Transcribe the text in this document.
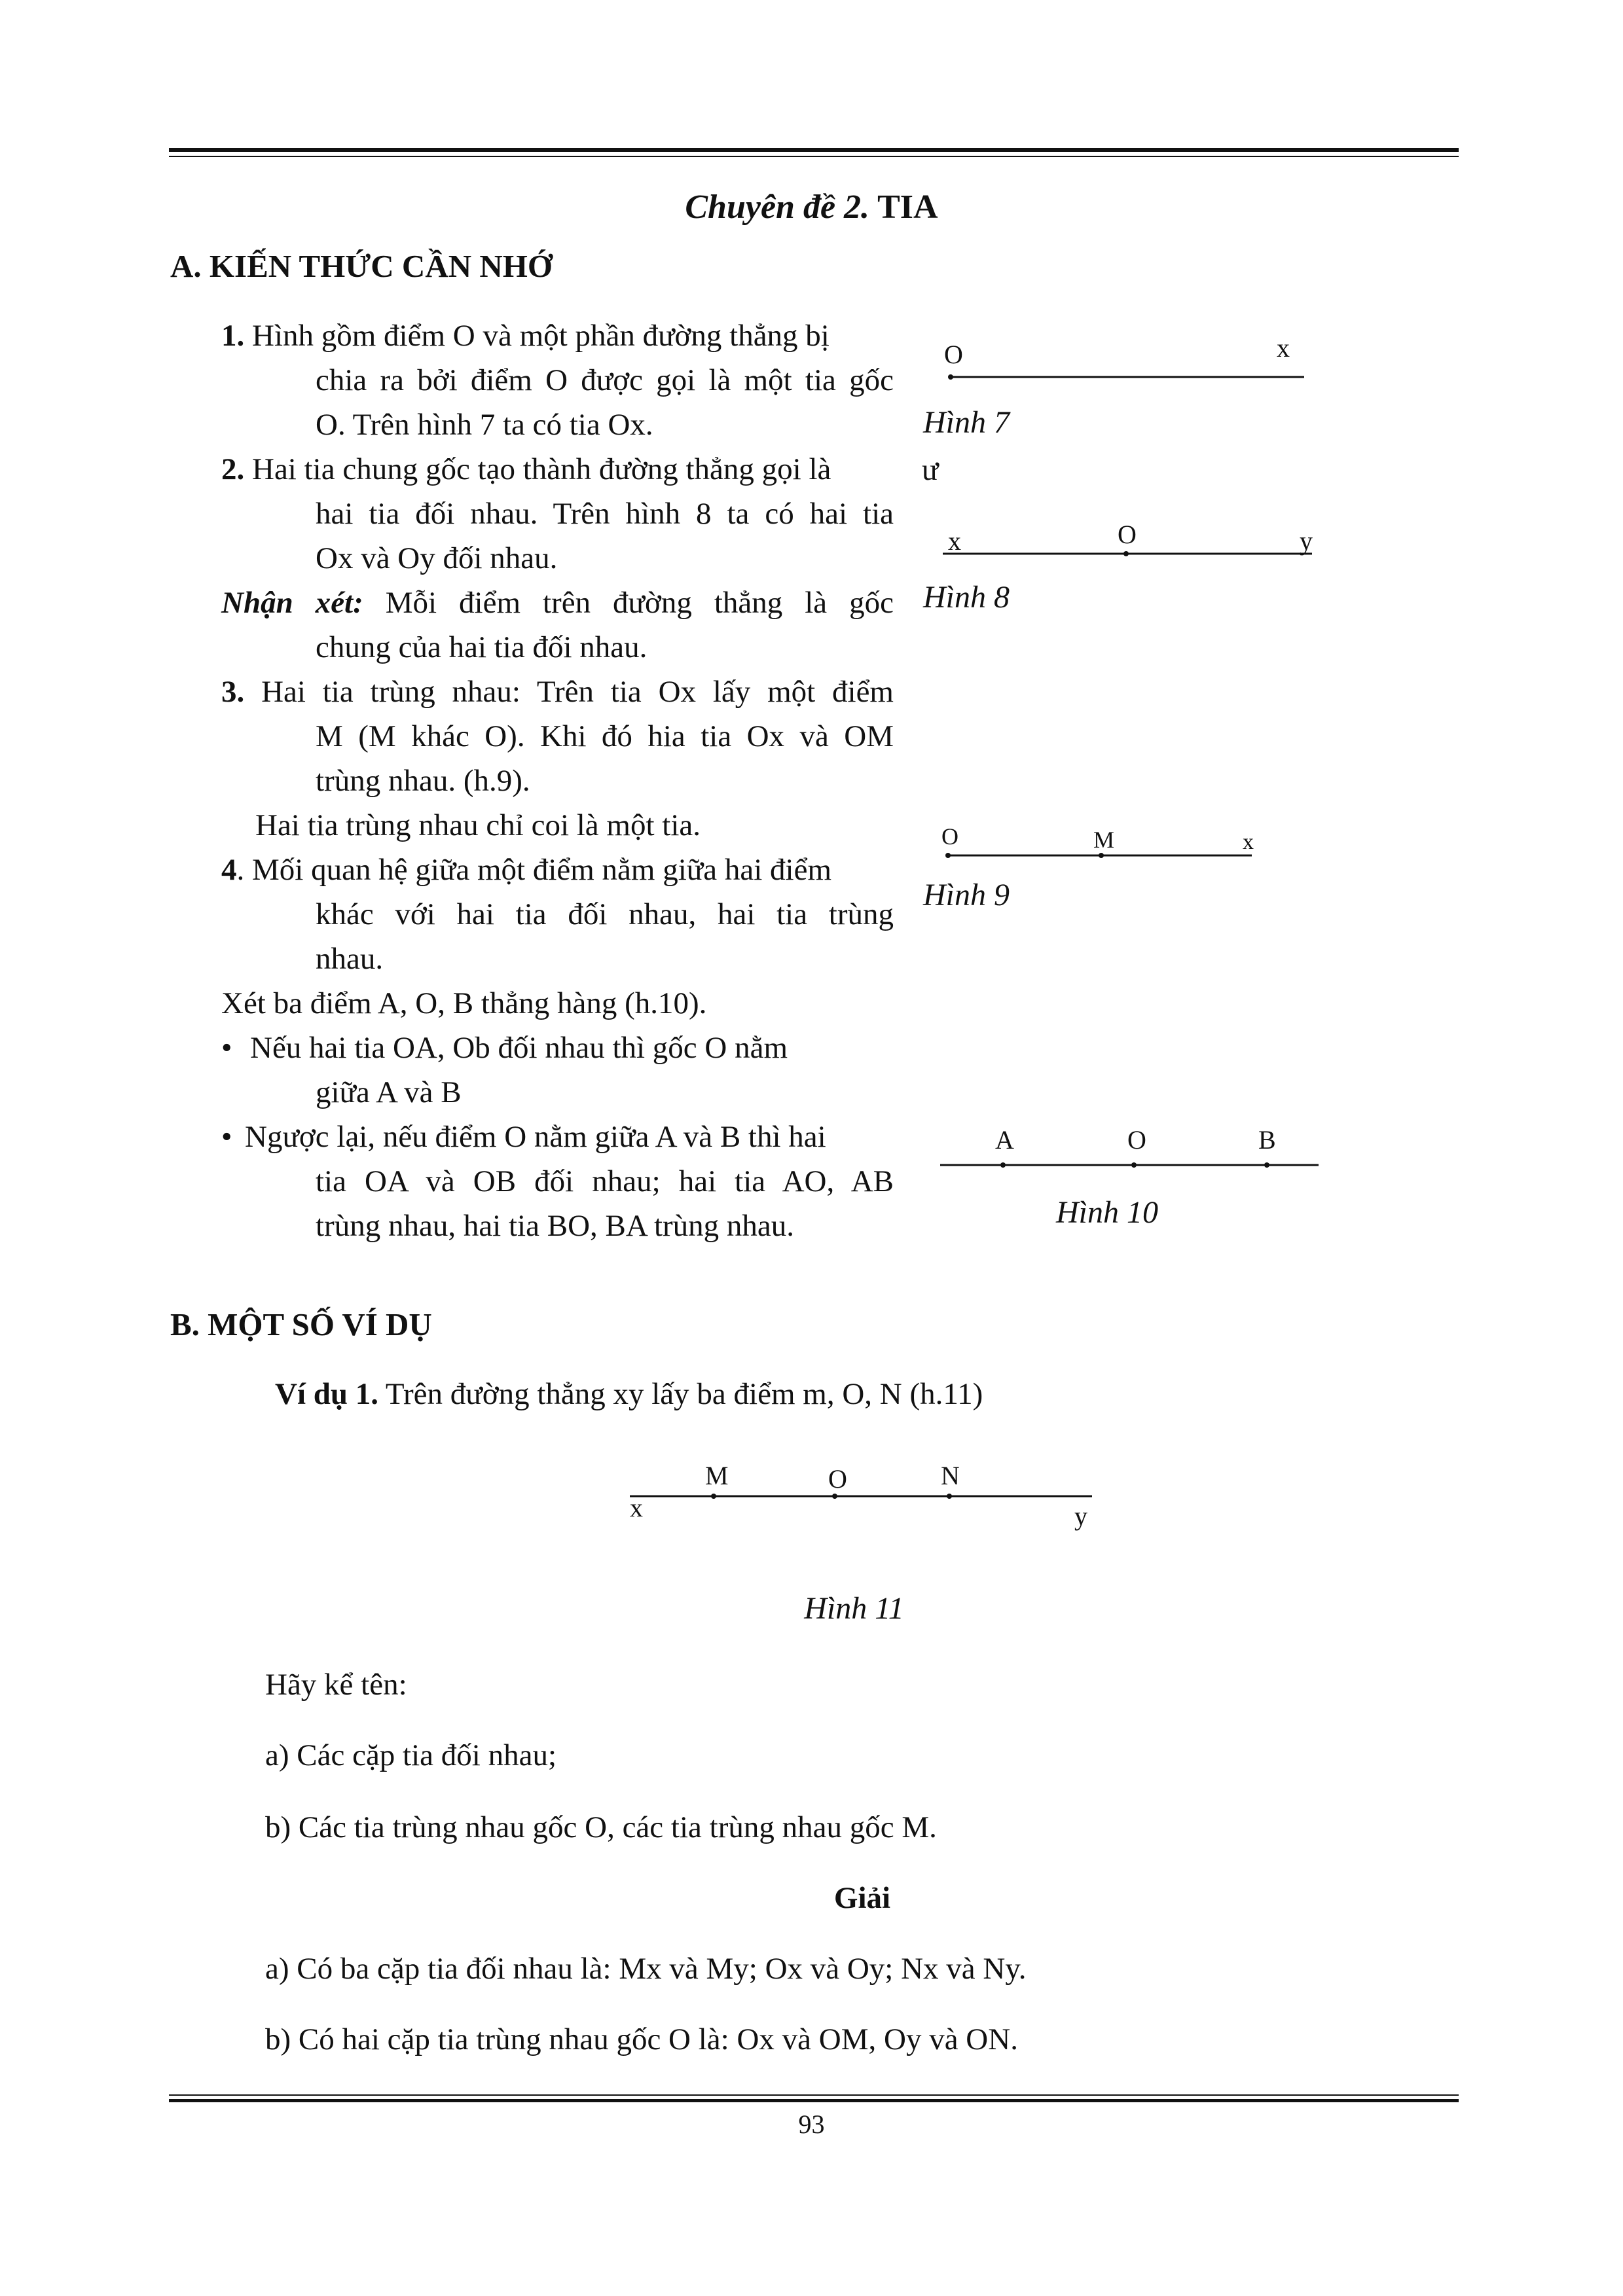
Chuyên đề 2. TIA
A. KIẾN THỨC CẦN NHỚ
1. Hình gồm điểm O và một phần đường thẳng bị
chia ra bởi điểm O được gọi là một tia gốc
O. Trên hình 7 ta có tia Ox.
2. Hai tia chung gốc tạo thành đường thẳng gọi là
hai tia đối nhau. Trên hình 8 ta có hai tia
Ox và Oy đối nhau.
Nhận xét: Mỗi điểm trên đường thẳng là gốc
chung của hai tia đối nhau.
3. Hai tia trùng nhau: Trên tia Ox lấy một điểm
M (M khác O). Khi đó hia tia Ox và OM
trùng nhau. (h.9).
Hai tia trùng nhau chỉ coi là một tia.
4. Mối quan hệ giữa một điểm nằm giữa hai điểm
khác với hai tia đối nhau, hai tia trùng
nhau.
Xét ba điểm A, O, B thẳng hàng (h.10).
• Nếu hai tia OA, Ob đối nhau thì gốc O nằm
giữa A và B
• Ngược lại, nếu điểm O nằm giữa A và B thì hai
tia OA và OB đối nhau; hai tia AO, AB
trùng nhau, hai tia BO, BA trùng nhau.
O	x
Hình 7
ư
x	O	y
Hình 8
O	M	x
Hình 9
A	O	B
Hình 10
B. MỘT SỐ VÍ DỤ
Ví dụ 1. Trên đường thẳng xy lấy ba điểm m, O, N (h.11)
M	O	N
x	y
Hình 11
Hãy kể tên:
a) Các cặp tia đối nhau;
b) Các tia trùng nhau gốc O, các tia trùng nhau gốc M.
Giải
a) Có ba cặp tia đối nhau là: Mx và My; Ox và Oy; Nx và Ny.
b) Có hai cặp tia trùng nhau gốc O là: Ox và OM, Oy và ON.
93
